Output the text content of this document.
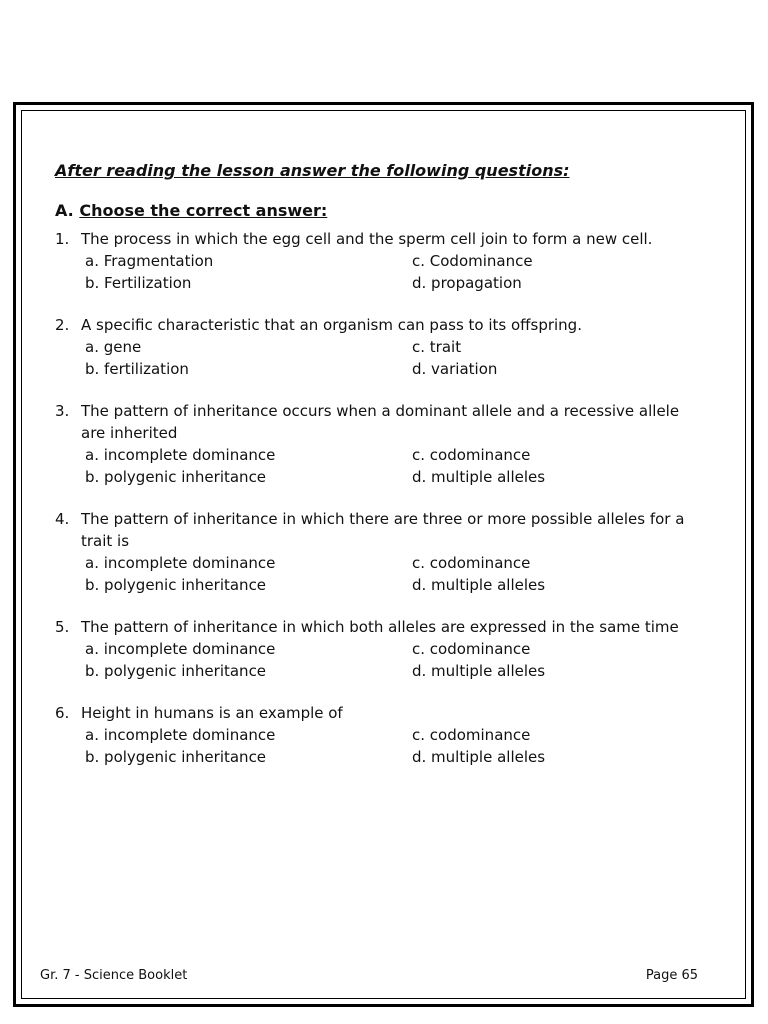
After reading the lesson answer the following questions:
A. Choose the correct answer:
1. The process in which the egg cell and the sperm cell join to form a new cell.
a. Fragmentation	c. Codominance
b. Fertilization	d. propagation
2. A specific characteristic that an organism can pass to its offspring.
a. gene	c. trait
b. fertilization	d. variation
3. The pattern of inheritance occurs when a dominant allele and a recessive allele are inherited
a. incomplete dominance	c. codominance
b. polygenic inheritance	d. multiple alleles
4. The pattern of inheritance in which there are three or more possible alleles for a trait is
a. incomplete dominance	c. codominance
b. polygenic inheritance	d. multiple alleles
5. The pattern of inheritance in which both alleles are expressed in the same time
a. incomplete dominance	c. codominance
b. polygenic inheritance	d. multiple alleles
6. Height in humans is an example of
a. incomplete dominance	c. codominance
b. polygenic inheritance	d. multiple alleles
Gr. 7 - Science Booklet	Page 65
